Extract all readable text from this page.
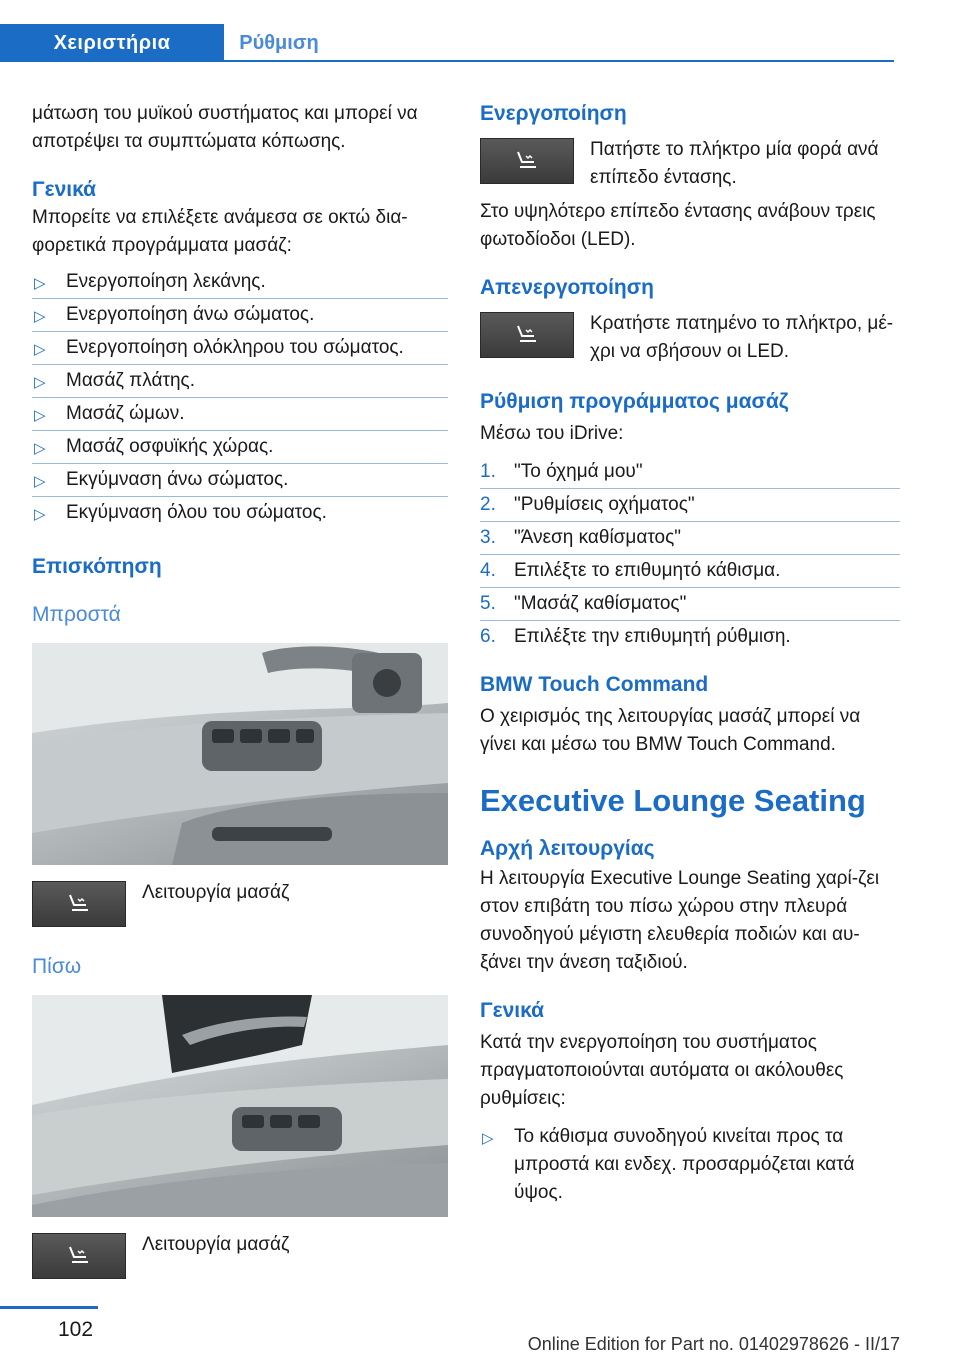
Χειριστήρια	Ρύθμιση

μάτωση του μυϊκού συστήματος και μπορεί να αποτρέψει τα συμπτώματα κόπωσης.

Γενικά

Μπορείτε να επιλέξετε ανάμεσα σε οκτώ δια-φορετικά προγράμματα μασάζ:

▷ Ενεργοποίηση λεκάνης.
▷ Ενεργοποίηση άνω σώματος.
▷ Ενεργοποίηση ολόκληρου του σώματος.
▷ Μασάζ πλάτης.
▷ Μασάζ ώμων.
▷ Μασάζ οσφυϊκής χώρας.
▷ Εκγύμναση άνω σώματος.
▷ Εκγύμναση όλου του σώματος.

Επισκόπηση

Μπροστά

Λειτουργία μασάζ

Πίσω

Λειτουργία μασάζ

Ενεργοποίηση

Πατήστε το πλήκτρο μία φορά ανά επίπεδο έντασης.

Στο υψηλότερο επίπεδο έντασης ανάβουν τρεις φωτοδίοδοι (LED).

Απενεργοποίηση

Κρατήστε πατημένο το πλήκτρο, μέ-χρι να σβήσουν οι LED.

Ρύθμιση προγράμματος μασάζ

Μέσω του iDrive:

1. "Το όχημά μου"
2. "Ρυθμίσεις οχήματος"
3. "Άνεση καθίσματος"
4. Επιλέξτε το επιθυμητό κάθισμα.
5. "Μασάζ καθίσματος"
6. Επιλέξτε την επιθυμητή ρύθμιση.

BMW Touch Command

Ο χειρισμός της λειτουργίας μασάζ μπορεί να γίνει και μέσω του BMW Touch Command.

Executive Lounge Seating

Αρχή λειτουργίας

Η λειτουργία Executive Lounge Seating χαρί-ζει στον επιβάτη του πίσω χώρου στην πλευρά συνοδηγού μέγιστη ελευθερία ποδιών και αυ-ξάνει την άνεση ταξιδιού.

Γενικά

Κατά την ενεργοποίηση του συστήματος πραγματοποιούνται αυτόματα οι ακόλουθες ρυθμίσεις:

▷ Το κάθισμα συνοδηγού κινείται προς τα μπροστά και ενδεχ. προσαρμόζεται κατά ύψος.
102
Online Edition for Part no. 01402978626 - II/17
